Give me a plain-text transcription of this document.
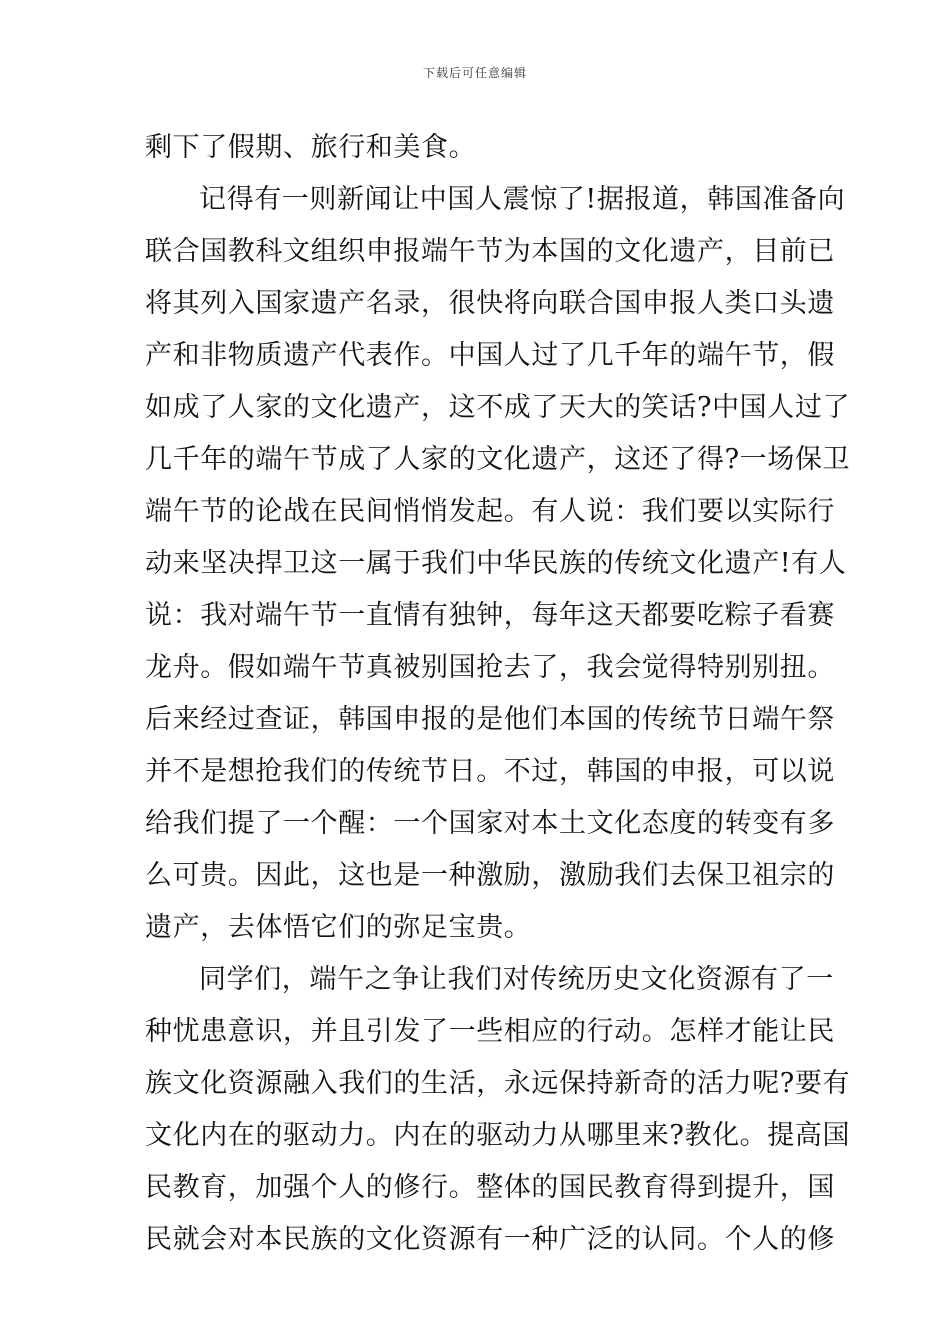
下载后可任意编辑
剩下了假期、旅行和美食。
记得有一则新闻让中国人震惊了!据报道，韩国准备向
联合国教科文组织申报端午节为本国的文化遗产，目前已
将其列入国家遗产名录，很快将向联合国申报人类口头遗
产和非物质遗产代表作。中国人过了几千年的端午节，假
如成了人家的文化遗产，这不成了天大的笑话?中国人过了
几千年的端午节成了人家的文化遗产，这还了得?一场保卫
端午节的论战在民间悄悄发起。有人说：我们要以实际行
动来坚决捍卫这一属于我们中华民族的传统文化遗产!有人
说：我对端午节一直情有独钟，每年这天都要吃粽子看赛
龙舟。假如端午节真被别国抢去了，我会觉得特别别扭。
后来经过查证，韩国申报的是他们本国的传统节日端午祭
并不是想抢我们的传统节日。不过，韩国的申报，可以说
给我们提了一个醒：一个国家对本土文化态度的转变有多
么可贵。因此，这也是一种激励，激励我们去保卫祖宗的
遗产，去体悟它们的弥足宝贵。
同学们，端午之争让我们对传统历史文化资源有了一
种忧患意识，并且引发了一些相应的行动。怎样才能让民
族文化资源融入我们的生活，永远保持新奇的活力呢?要有
文化内在的驱动力。内在的驱动力从哪里来?教化。提高国
民教育，加强个人的修行。整体的国民教育得到提升，国
民就会对本民族的文化资源有一种广泛的认同。个人的修
